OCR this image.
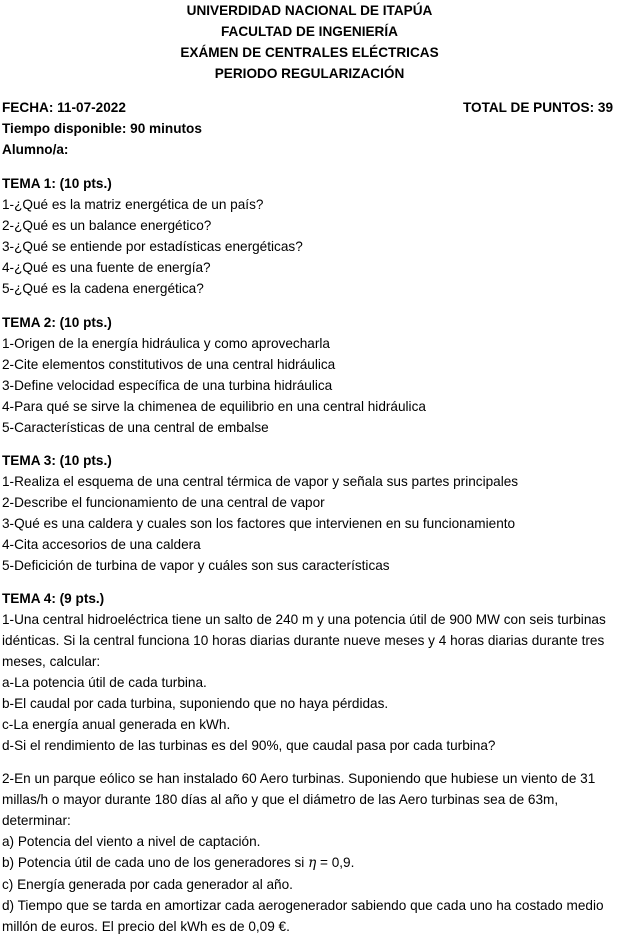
UNIVERDIDAD NACIONAL DE ITAPÚA
FACULTAD DE INGENIERÍA
EXÁMEN DE CENTRALES ELÉCTRICAS
PERIODO REGULARIZACIÓN
FECHA: 11-07-2022	TOTAL DE PUNTOS: 39
Tiempo disponible: 90 minutos
Alumno/a:
TEMA 1: (10 pts.)
1-¿Qué es la matriz energética de un país?
2-¿Qué es un balance energético?
3-¿Qué se entiende por estadísticas energéticas?
4-¿Qué es una fuente de energía?
5-¿Qué es la cadena energética?
TEMA 2: (10 pts.)
1-Origen de la energía hidráulica y como aprovecharla
2-Cite elementos constitutivos de una central hidráulica
3-Define velocidad específica de una turbina hidráulica
4-Para qué se sirve la chimenea de equilibrio en una central hidráulica
5-Características de una central de embalse
TEMA 3: (10 pts.)
1-Realiza el esquema de una central térmica de vapor y señala sus partes principales
2-Describe el funcionamiento de una central de vapor
3-Qué es una caldera y cuales son los factores que intervienen en su funcionamiento
4-Cita accesorios de una caldera
5-Deficición de turbina de vapor y cuáles son sus características
TEMA 4: (9 pts.)
1-Una central hidroeléctrica tiene un salto de 240 m y una potencia útil de 900 MW con seis turbinas idénticas. Si la central funciona 10 horas diarias durante nueve meses y 4 horas diarias durante tres meses, calcular:
a-La potencia útil de cada turbina.
b-El caudal por cada turbina, suponiendo que no haya pérdidas.
c-La energía anual generada en kWh.
d-Si el rendimiento de las turbinas es del 90%, que caudal pasa por cada turbina?
2-En un parque eólico se han instalado 60 Aero turbinas. Suponiendo que hubiese un viento de 31 millas/h o mayor durante 180 días al año y que el diámetro de las Aero turbinas sea de 63m, determinar:
a) Potencia del viento a nivel de captación.
b) Potencia útil de cada uno de los generadores si η = 0,9.
c) Energía generada por cada generador al año.
d) Tiempo que se tarda en amortizar cada aerogenerador sabiendo que cada uno ha costado medio millón de euros. El precio del kWh es de 0,09 €.
